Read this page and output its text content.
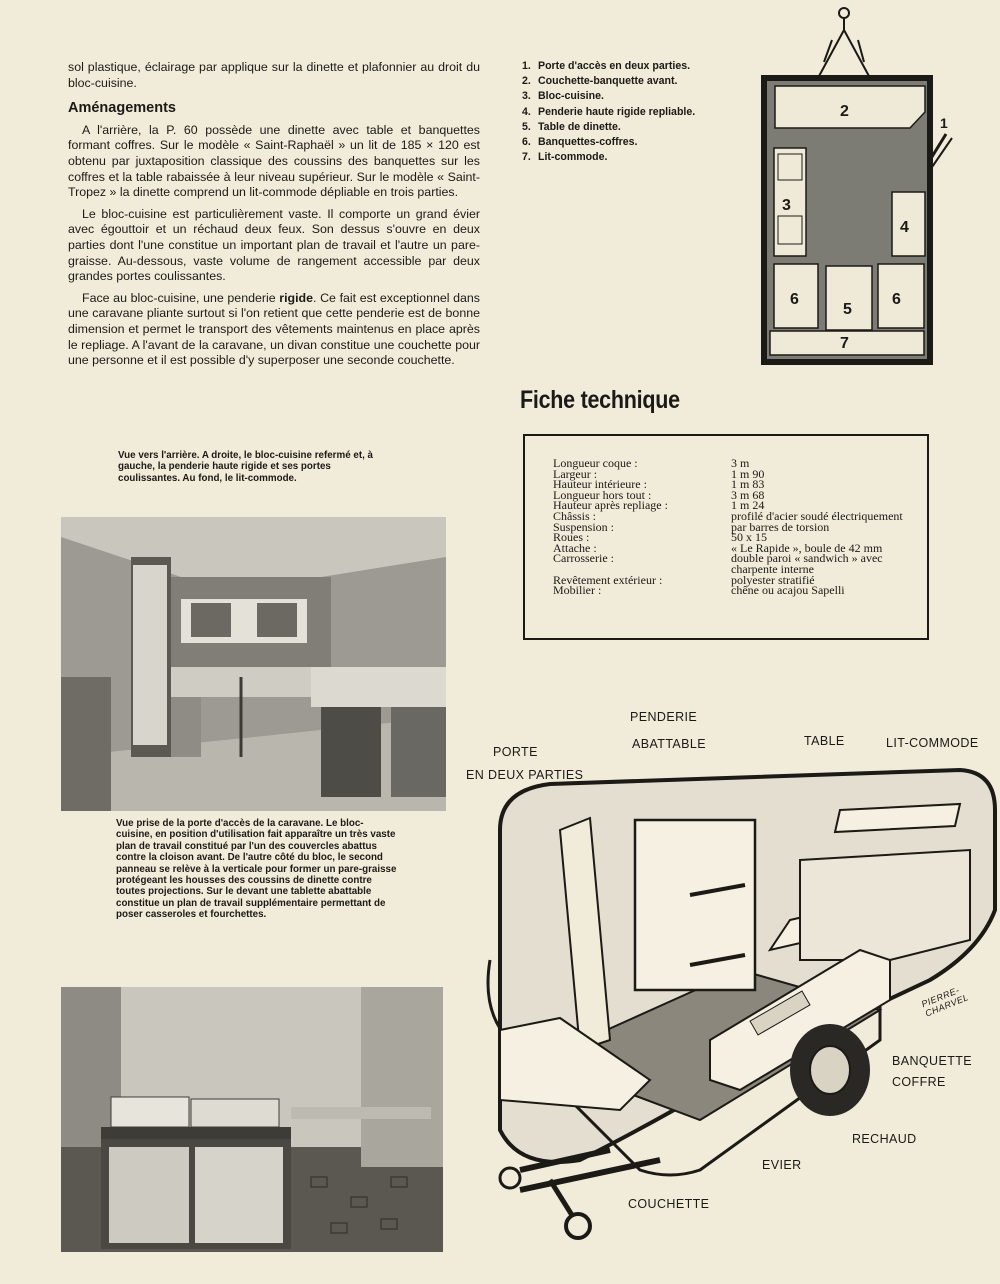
sol plastique, éclairage par applique sur la dinette et plafonnier au droit du bloc-cuisine.

Aménagements

A l'arrière, la P. 60 possède une dinette avec table et banquettes formant coffres. Sur le modèle « Saint-Raphaël » un lit de 185 × 120 est obtenu par juxtaposition classique des coussins des banquettes sur les coffres et la table rabaissée à leur niveau supérieur. Sur le modèle « Saint-Tropez » la dinette comprend un lit-commode dépliable en trois parties.

Le bloc-cuisine est particulièrement vaste. Il comporte un grand évier avec égouttoir et un réchaud deux feux. Son dessus s'ouvre en deux parties dont l'une constitue un important plan de travail et l'autre un pare-graisse. Au-dessous, vaste volume de rangement accessible par deux grandes portes coulissantes.

Face au bloc-cuisine, une penderie rigide. Ce fait est exceptionnel dans une caravane pliante surtout si l'on retient que cette penderie est de bonne dimension et permet le transport des vêtements maintenus en place après le repliage. A l'avant de la caravane, un divan constitue une couchette pour une personne et il est possible d'y superposer une seconde couchette.

1. Porte d'accès en deux parties.
2. Couchette-banquette avant.
3. Bloc-cuisine.
4. Penderie haute rigide repliable.
5. Table de dinette.
6. Banquettes-coffres.
7. Lit-commode.
1
2
3
4
5
6	6
7
Fiche technique
Longueur coque :	3 m
Largeur :	1 m 90
Hauteur intérieure :	1 m 83
Longueur hors tout :	3 m 68
Hauteur après repliage :	1 m 24
Châssis :	profilé d'acier soudé électriquement
Suspension :	par barres de torsion
Roues :	50 x 15
Attache :	« Le Rapide », boule de 42 mm
Carrosserie :	double paroi « sandwich » avec charpente interne
Revêtement extérieur :	polyester stratifié
Mobilier :	chêne ou acajou Sapelli
Vue vers l'arrière. A droite, le bloc-cuisine refermé et, à gauche, la penderie haute rigide et ses portes coulissantes. Au fond, le lit-commode.
Vue prise de la porte d'accès de la caravane. Le bloc-cuisine, en position d'utilisation fait apparaître un très vaste plan de travail constitué par l'un des couvercles abattus contre la cloison avant. De l'autre côté du bloc, le second panneau se relève à la verticale pour former un pare-graisse protégeant les housses des coussins de dinette contre toutes projections. Sur le devant une tablette abattable constitue un plan de travail supplémentaire permettant de poser casseroles et fourchettes.
PENDERIE
ABATTABLE	TABLE	LIT-COMMODE
PORTE
EN DEUX PARTIES
BANQUETTE
COFFRE
RECHAUD
EVIER
COUCHETTE
PIERRE-CHARVEL
